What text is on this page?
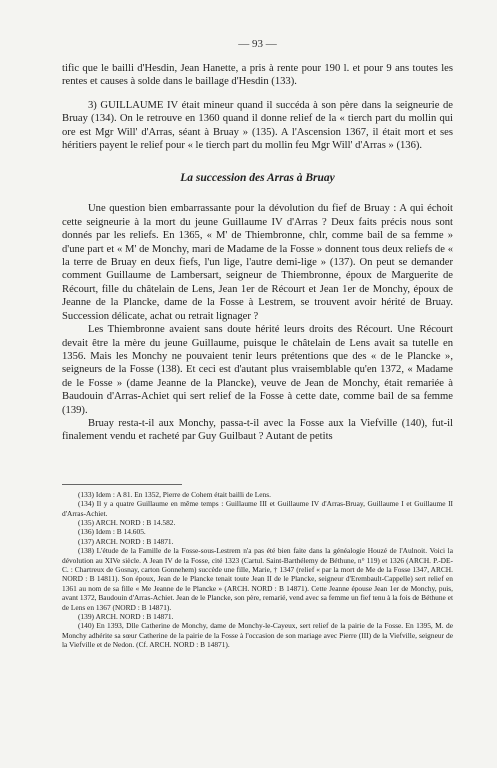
— 93 —

tific que le bailli d'Hesdin, Jean Hanette, a pris à rente pour 190 l. et pour 9 ans toutes les rentes et causes à solde dans le baillage d'Hesdin (133).

3) GUILLAUME IV était mineur quand il succéda à son père dans la seigneurie de Bruay (134). On le retrouve en 1360 quand il donne relief de la « tierch part du mollin qui ore est Mgr Will' d'Arras, séant à Bruay » (135). A l'Ascension 1367, il était mort et ses héritiers payent le relief pour « le tierch part du mollin feu Mgr Will' d'Arras » (136).

La succession des Arras à Bruay

Une question bien embarrassante pour la dévolution du fief de Bruay : A qui échoit cette seigneurie à la mort du jeune Guillaume IV d'Arras ? Deux faits précis nous sont donnés par les reliefs. En 1365, « M' de Thiembronne, chlr, comme bail de sa femme » d'une part et « M' de Monchy, mari de Madame de la Fosse » donnent tous deux reliefs de « la terre de Bruay en deux fiefs, l'un lige, l'autre demi-lige » (137). On peut se demander comment Guillaume de Lambersart, seigneur de Thiembronne, époux de Marguerite de Récourt, fille du châtelain de Lens, Jean 1er de Récourt et Jean 1er de Monchy, époux de Jeanne de la Plancke, dame de la Fosse à Lestrem, se trouvent avoir hérité de Bruay. Succession délicate, achat ou retrait lignager ?

Les Thiembronne avaient sans doute hérité leurs droits des Récourt. Une Récourt devait être la mère du jeune Guillaume, puisque le châtelain de Lens avait sa tutelle en 1356. Mais les Monchy ne pouvaient tenir leurs prétentions que des « de le Plancke », seigneurs de la Fosse (138). Et ceci est d'autant plus vraisemblable qu'en 1372, « Madame de le Fosse » (dame Jeanne de la Plancke), veuve de Jean de Monchy, était remariée à Baudouin d'Arras-Achiet qui sert relief de la Fosse à cette date, comme bail de sa femme (139).

Bruay resta-t-il aux Monchy, passa-t-il avec la Fosse aux la Viefville (140), fut-il finalement vendu et racheté par Guy Guilbaut ? Autant de petits

(133) Idem : A 81. En 1352, Pierre de Cohem était bailli de Lens.

(134) Il y a quatre Guillaume en même temps : Guillaume III et Guillaume IV d'Arras-Bruay, Guillaume I et Guillaume II d'Arras-Achiet.

(135) ARCH. NORD : B 14.582.

(136) Idem : B 14.605.

(137) ARCH. NORD : B 14871.

(138) L'étude de la Famille de la Fosse-sous-Lestrem n'a pas été bien faite dans la généalogie Houzé de l'Aulnoit. Voici la dévolution au XIVe siècle. A Jean IV de la Fosse, cité 1323 (Cartul. Saint-Barthélemy de Béthune, n° 119) et 1326 (ARCH. P.-DE-C. : Chartreux de Gosnay, carton Gonnehem) succède une fille, Marie, † 1347 (relief « par la mort de Me de la Fosse 1347, ARCH. NORD : B 14811). Son époux, Jean de le Plancke tenait toute Jean II de le Plancke, seigneur d'Erembault-Cappelle) sert relief en 1361 au nom de sa fille « Me Jeanne de le Plancke » (ARCH. NORD : B 14871). Cette Jeanne épouse Jean 1er de Monchy, puis, avant 1372, Baudouin d'Arras-Achiet. Jean de le Plancke, son père, remarié, vend avec sa femme un fief tenu à la fois de Béthune et de Lens en 1367 (NORD : B 14871).

(139) ARCH. NORD : B 14871.

(140) En 1393, Dlle Catherine de Monchy, dame de Monchy-le-Cayeux, sert relief de la pairie de la Fosse. En 1395, M. de Monchy adhérite sa sœur Catherine de la pairie de la Fosse à l'occasion de son mariage avec Pierre (III) de la Viefville, seigneur de la Viefville et de Nedon. (Cf. ARCH. NORD : B 14871).
